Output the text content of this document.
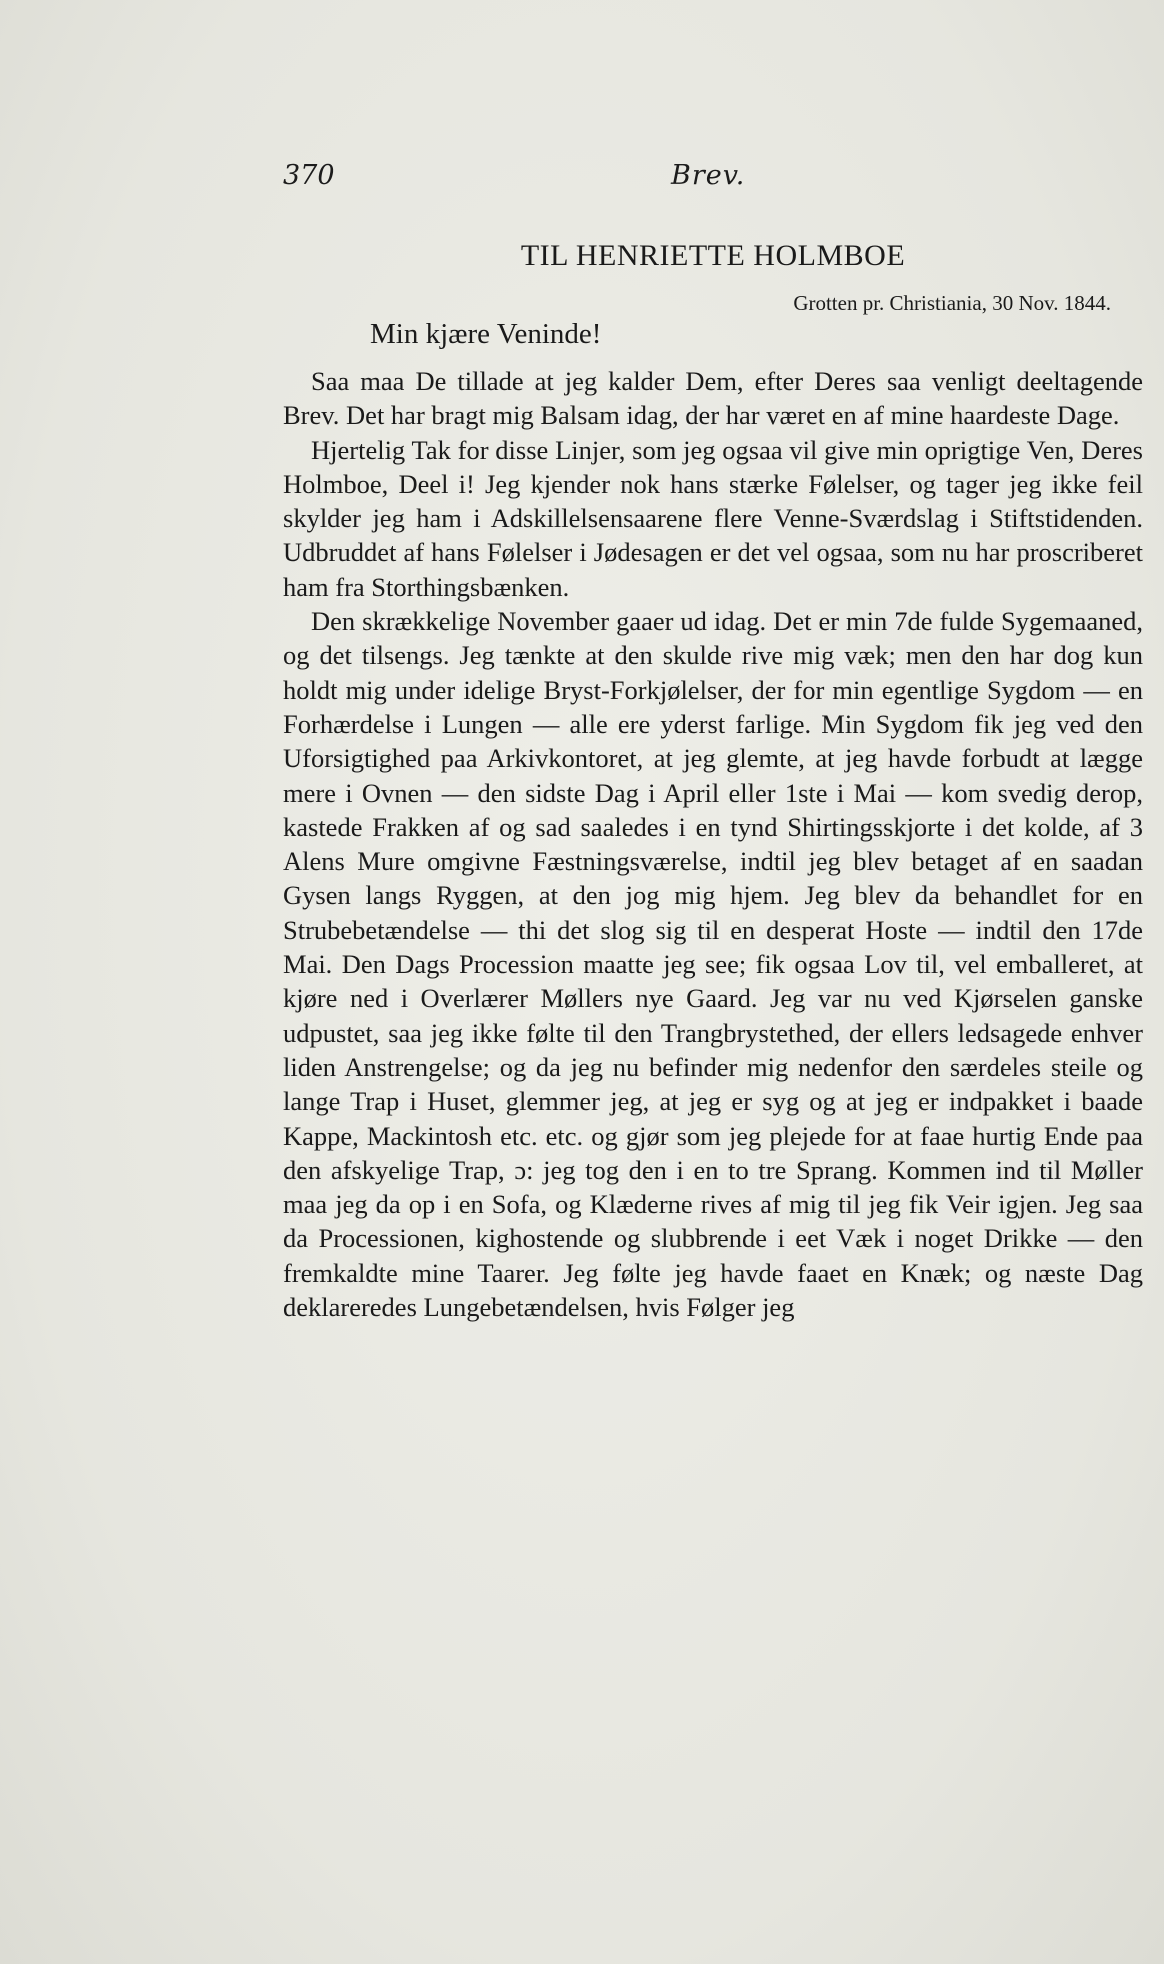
370	Brev.
TIL HENRIETTE HOLMBOE
Grotten pr. Christiania, 30 Nov. 1844.
Min kjære Veninde!

Saa maa De tillade at jeg kalder Dem, efter Deres saa venligt deeltagende Brev. Det har bragt mig Balsam idag, der har været en af mine haardeste Dage.

Hjertelig Tak for disse Linjer, som jeg ogsaa vil give min oprigtige Ven, Deres Holmboe, Deel i! Jeg kjender nok hans stærke Følelser, og tager jeg ikke feil skylder jeg ham i Adskillelsensaarene flere Venne-Sværdslag i Stiftstidenden. Udbruddet af hans Følelser i Jødesagen er det vel ogsaa, som nu har proscriberet ham fra Storthingsbænken.

Den skrækkelige November gaaer ud idag. Det er min 7de fulde Sygemaaned, og det tilsengs. Jeg tænkte at den skulde rive mig væk; men den har dog kun holdt mig under idelige Bryst-Forkjølelser, der for min egentlige Sygdom — en Forhærdelse i Lungen — alle ere yderst farlige. Min Sygdom fik jeg ved den Uforsigtighed paa Arkivkontoret, at jeg glemte, at jeg havde forbudt at lægge mere i Ovnen — den sidste Dag i April eller 1ste i Mai — kom svedig derop, kastede Frakken af og sad saaledes i en tynd Shirtingsskjorte i det kolde, af 3 Alens Mure omgivne Fæstningsværelse, indtil jeg blev betaget af en saadan Gysen langs Ryggen, at den jog mig hjem. Jeg blev da behandlet for en Strubebetændelse — thi det slog sig til en desperat Hoste — indtil den 17de Mai. Den Dags Procession maatte jeg see; fik ogsaa Lov til, vel emballeret, at kjøre ned i Overlærer Møllers nye Gaard. Jeg var nu ved Kjørselen ganske udpustet, saa jeg ikke følte til den Trangbrystethed, der ellers ledsagede enhver liden Anstrengelse; og da jeg nu befinder mig nedenfor den særdeles steile og lange Trap i Huset, glemmer jeg, at jeg er syg og at jeg er indpakket i baade Kappe, Mackintosh etc. etc. og gjør som jeg plejede for at faae hurtig Ende paa den afskyelige Trap, ɔ: jeg tog den i en to tre Sprang. Kommen ind til Møller maa jeg da op i en Sofa, og Klæderne rives af mig til jeg fik Veir igjen. Jeg saa da Processionen, kighostende og slubbrende i eet Væk i noget Drikke — den fremkaldte mine Taarer. Jeg følte jeg havde faaet en Knæk; og næste Dag deklareredes Lungebetændelsen, hvis Følger jeg
